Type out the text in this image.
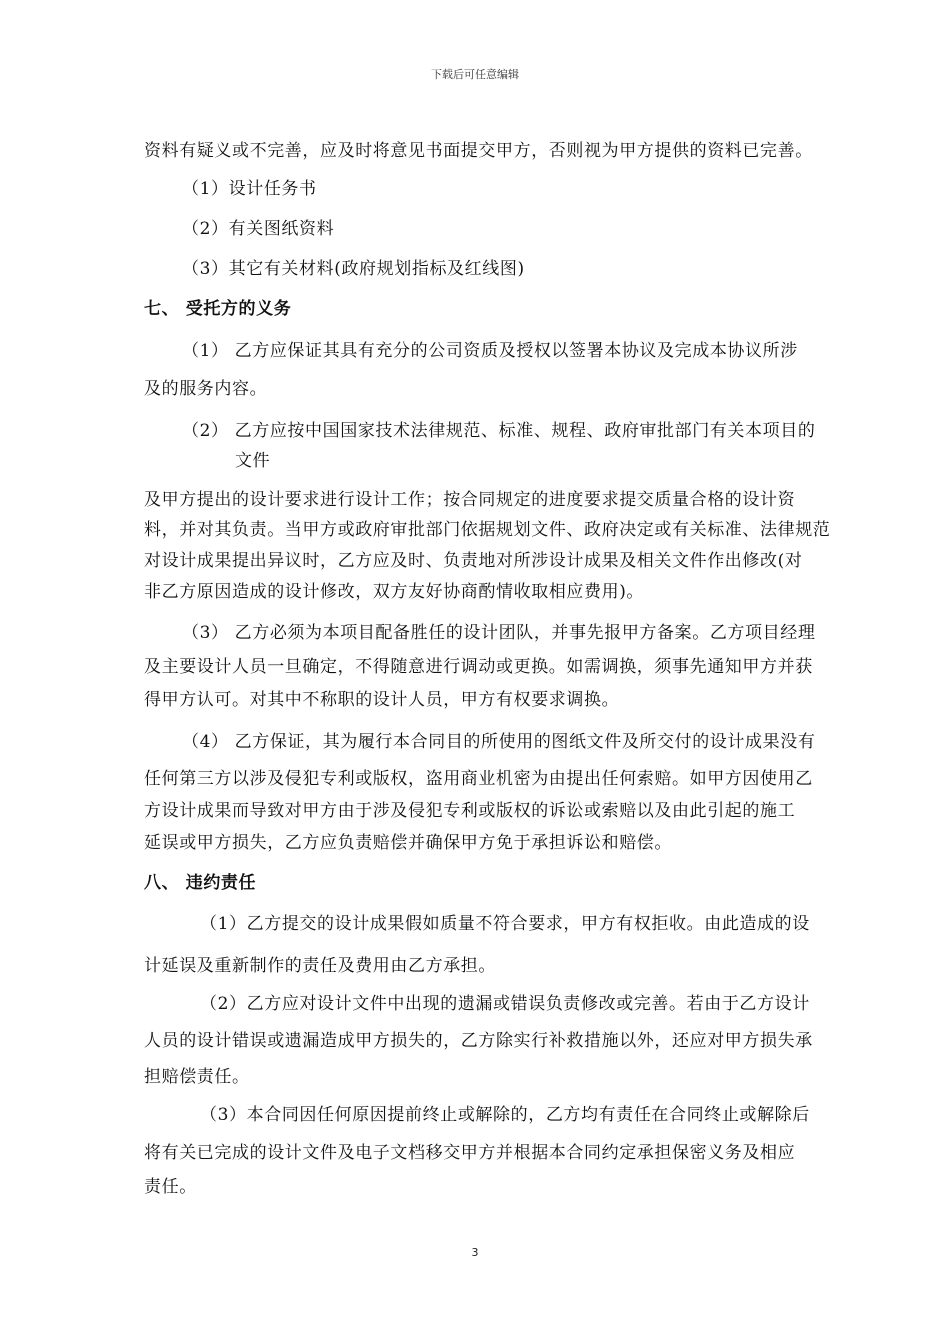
下载后可任意编辑
资料有疑义或不完善，应及时将意见书面提交甲方，否则视为甲方提供的资料已完善。
（1）设计任务书
（2）有关图纸资料
（3）其它有关材料(政府规划指标及红线图)
七、 受托方的义务
（1） 乙方应保证其具有充分的公司资质及授权以签署本协议及完成本协议所涉
及的服务内容。
（2） 乙方应按中国国家技术法律规范、标准、规程、政府审批部门有关本项目的
文件
及甲方提出的设计要求进行设计工作；按合同规定的进度要求提交质量合格的设计资
料，并对其负责。当甲方或政府审批部门依据规划文件、政府决定或有关标准、法律规范
对设计成果提出异议时，乙方应及时、负责地对所涉设计成果及相关文件作出修改(对
非乙方原因造成的设计修改，双方友好协商酌情收取相应费用)。
（3） 乙方必须为本项目配备胜任的设计团队，并事先报甲方备案。乙方项目经理
及主要设计人员一旦确定，不得随意进行调动或更换。如需调换，须事先通知甲方并获
得甲方认可。对其中不称职的设计人员，甲方有权要求调换。
（4） 乙方保证，其为履行本合同目的所使用的图纸文件及所交付的设计成果没有
任何第三方以涉及侵犯专利或版权，盗用商业机密为由提出任何索赔。如甲方因使用乙
方设计成果而导致对甲方由于涉及侵犯专利或版权的诉讼或索赔以及由此引起的施工
延误或甲方损失，乙方应负责赔偿并确保甲方免于承担诉讼和赔偿。
八、 违约责任
（1）乙方提交的设计成果假如质量不符合要求，甲方有权拒收。由此造成的设
计延误及重新制作的责任及费用由乙方承担。
（2）乙方应对设计文件中出现的遗漏或错误负责修改或完善。若由于乙方设计
人员的设计错误或遗漏造成甲方损失的，乙方除实行补救措施以外，还应对甲方损失承
担赔偿责任。
（3）本合同因任何原因提前终止或解除的，乙方均有责任在合同终止或解除后
将有关已完成的设计文件及电子文档移交甲方并根据本合同约定承担保密义务及相应
责任。
3
